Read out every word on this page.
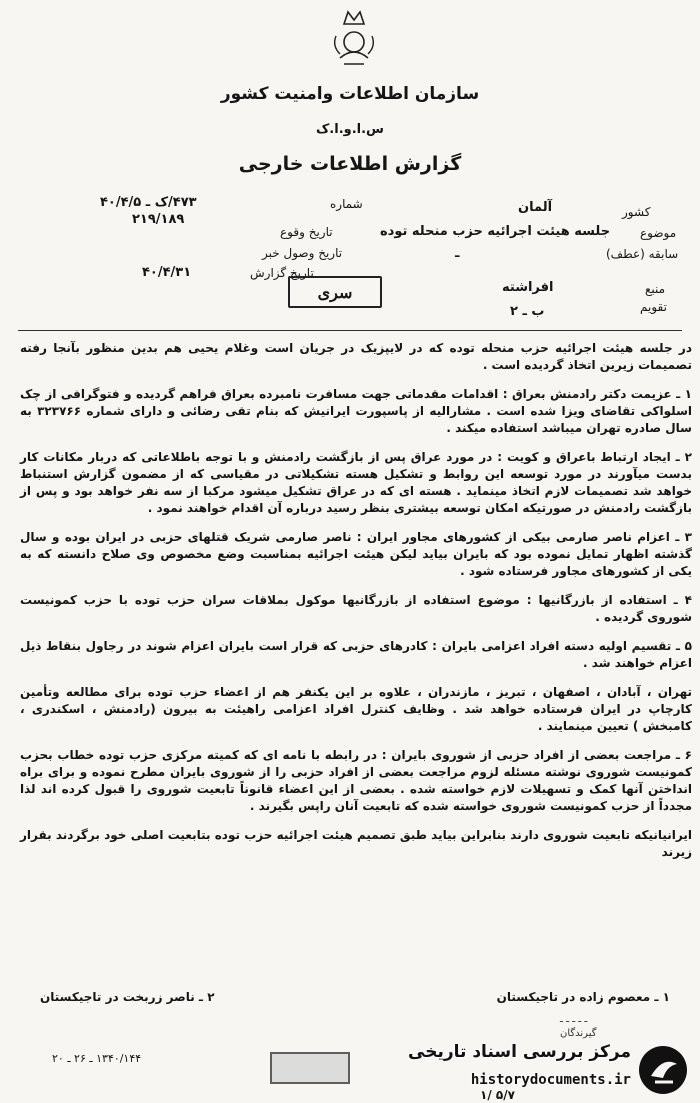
سازمان اطلاعات وامنیت کشور
س.ا.و.ا.ک
گزارش اطلاعات خارجی
شماره
۴۷۳/ک ـ ۴۰/۴/۵
۲۱۹/۱۸۹
تاریخ وقوع
تاریخ وصول خبر
تاریخ گزارش
۴۰/۴/۳۱
کشور
آلمان
موضوع
جلسه هیئت اجرائیه حزب منحله توده
سابقه (عطف)
ـ
منبع
افراشته
تقویم
ب ـ ۲
سری

در جلسه هیئت اجرائیه حزب منحله توده که در لایپزیک در جریان است وغلام یحیی هم بدین منظور بآنجا رفته تصمیمات زیرین اتخاذ گردیده است .

۱ ـ عزیمت دکتر رادمنش بعراق : اقدامات مقدماتی جهت مسافرت نامبرده بعراق فراهم گردیده و فتوگرافی از چک اسلواکی تقاضای ویزا شده است . مشارالیه از پاسپورت ایرانیش که بنام تقی رضائی و دارای شماره ۳۲۳۷۶۶ به سال صادره تهران میباشد استفاده میکند .

۲ ـ ایجاد ارتباط باعراق و کویت : در مورد عراق پس از بازگشت رادمنش و با توجه باطلاعاتی که دربار مکانات کار بدست میآورند در مورد توسعه این روابط و تشکیل هسته تشکیلاتی در مقیاسی که از مضمون گزارش استنباط خواهد شد تصمیمات لازم اتخاذ مینماید . هسته ای که در عراق تشکیل میشود مرکبا از سه نفر خواهد بود و پس از بازگشت رادمنش در صورتیکه امکان توسعه بیشتری بنظر رسید درباره آن اقدام خواهند نمود .

۳ ـ اعزام ناصر صارمی بیکی از کشورهای مجاور ایران : ناصر صارمی شریک قتلهای حزبی در ایران بوده و سال گذشته اظهار تمایل نموده بود که بایران بیاید لیکن هیئت اجرائیه بمناسبت وضع مخصوص وی صلاح دانسته که به یکی از کشورهای مجاور فرستاده شود .

۴ ـ استفاده از بازرگانیها : موضوع استفاده از بازرگانیها موکول بملاقات سران حزب توده با حزب کمونیست شوروی گردیده .

۵ ـ تقسیم اولیه دسته افراد اعزامی بایران : کادرهای حزبی که قرار است بایران اعزام شوند در رجاول بنقاط ذیل اعزام خواهند شد .

تهران ، آبادان ، اصفهان ، تبریز ، مازندران ، علاوه بر این یکنفر هم از اعضاء حزب توده برای مطالعه وتأمین کارچاپ در ایران فرستاده خواهد شد . وظایف کنترل افراد اعزامی راهیئت به بیرون (رادمنش ، اسکندری ، کامبخش ) تعیین مینمایند .

۶ ـ مراجعت بعضی از افراد حزبی از شوروی بایران : در رابطه با نامه ای که کمیته مرکزی حزب توده خطاب بحزب کمونیست شوروی نوشته مسئله لزوم مراجعت بعضی از افراد حزبی را از شوروی بایران مطرح نموده و برای براه انداختن آنها کمک و تسهیلات لازم خواسته شده . بعضی از این اعضاء قانوناً تابعیت شوروی را قبول کرده اند لذا مجدداً از حزب کمونیست شوروی خواسته شده که تابعیت آنان راپس بگیرند .

ایرانیانیکه تابعیت شوروی دارند بنابراین بیاید طبق تصمیم هیئت اجرائیه حزب توده بتابعیت اصلی خود برگردند بقرار زیرند

۱ ـ معصوم زاده در تاجیکستان
۲ ـ ناصر زربخت در تاجیکستان
ـ ـ ـ ـ ـ
گیرندگان
۱۳۴۰/۱۴۴ ـ ۲۶ ـ ۲۰
۵/۷ /۱
مرکز بررسی اسناد تاریخی
historydocuments.ir
